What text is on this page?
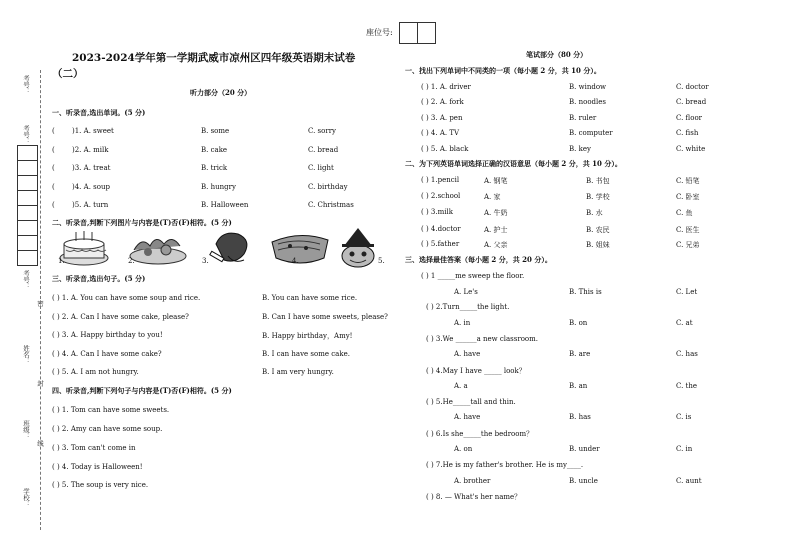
考号：
考号：
考号：
密
姓名：
封
班级：
线
学校：
座位号:
2023-2024学年第一学期武威市凉州区四年级英语期末试卷
（二）
听力部分（20 分）
一、听录音,选出单词。(5 分)
( )1. A. sweet	B. some	C. sorry
( )2. A. milk	B. cake	C. bread
( )3. A. treat	B. trick	C. light
( )4. A. soup	B. hungry	C. birthday
( )5. A. turn	B. Halloween	C. Christmas
二、听录音,判断下列图片与内容是(T)否(F)相符。(5 分)
1.	2.	3.	4.	5.
三、听录音,选出句子。(5 分)
( ) 1. A. You can have some soup and rice.	B. You can have some rice.
( ) 2. A. Can I have some cake, please?	B. Can I have some sweets, please?
( ) 3. A. Happy birthday to you!	B. Happy birthday，Amy!
( ) 4. A. Can I have some cake?	B. I can have some cake.
( ) 5. A. I am not hungry.	B. I am very hungry.
四、听录音,判断下列句子与内容是(T)否(F)相符。(5 分)
( ) 1. Tom can have some sweets.
( ) 2. Amy can have some soup.
( ) 3. Tom can't come in
( ) 4. Today is Halloween!
( ) 5. The soup is very nice.
笔试部分（80 分）
一、找出下列单词中不同类的一项（每小题 2 分，共 10 分）。
( ) 1. A. driver	B. window	C. doctor
( ) 2. A. fork	B. noodles	C. bread
( ) 3. A. pen	B. ruler	C. floor
( ) 4. A. TV	B. computer	C. fish
( ) 5. A. black	B. key	C. white
二、为下列英语单词选择正确的汉语意思（每小题 2 分，共 10 分）。
( ) 1.pencil	A. 钢笔	B. 书包	C. 铅笔
( ) 2.school	A. 家	B. 学校	C. 卧室
( ) 3.milk	A. 牛奶	B. 水	C. 鱼
( ) 4.doctor	A. 护士	B. 农民	C. 医生
( ) 5.father	A. 父亲	B. 姐妹	C. 兄弟
三、选择最佳答案（每小题 2 分，共 20 分）。
( ) 1 _____me sweep the floor.
A. Le's	B. This is	C. Let
( ) 2.Turn_____the light.
A. in	B. on	C. at
( ) 3.We ______a new classroom.
A. have	B. are	C. has
( ) 4.May I have _____ look？
A. a	B. an	C. the
( ) 5.He_____tall and thin.
A. have	B. has	C. is
( ) 6.Is she_____the bedroom？
A. on	B. under	C. in
( ) 7.He is my father's brother. He is my____.
A. brother	B. uncle	C. aunt
( ) 8. — What's her name？
